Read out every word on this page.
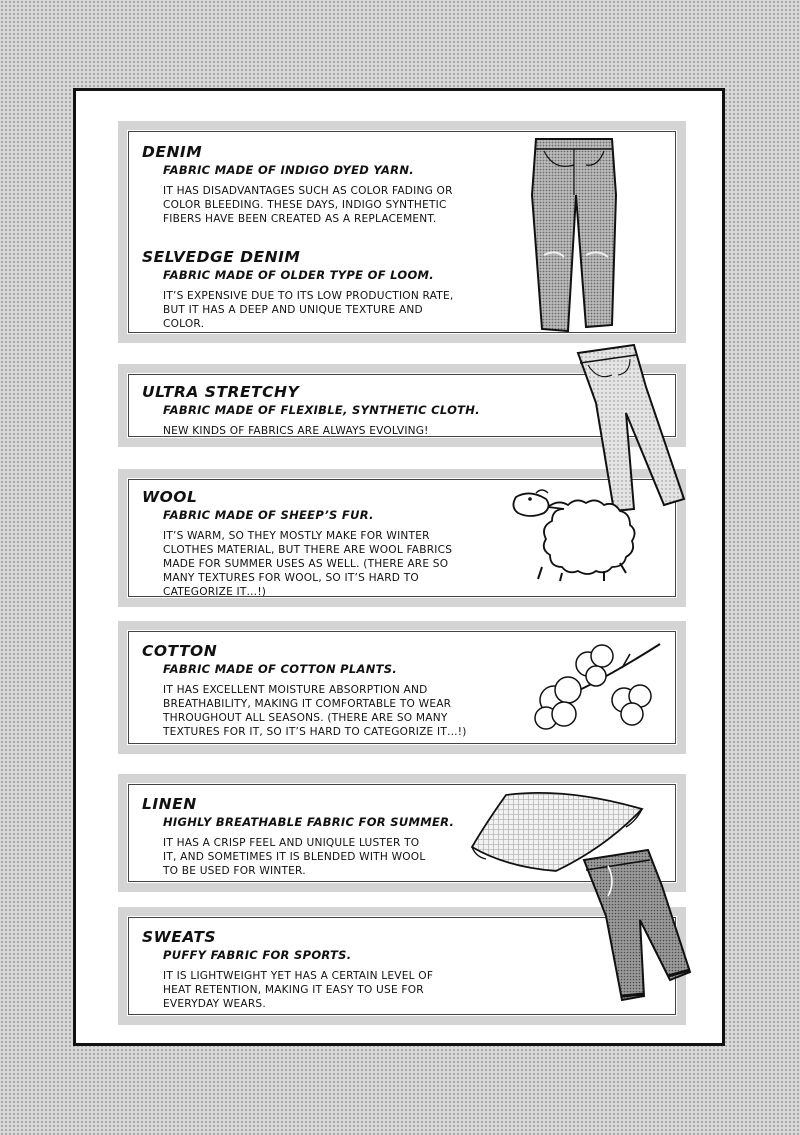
DENIM

FABRIC MADE OF INDIGO DYED YARN.

IT HAS DISADVANTAGES SUCH AS COLOR FADING OR
COLOR BLEEDING. THESE DAYS, INDIGO SYNTHETIC
FIBERS HAVE BEEN CREATED AS A REPLACEMENT.

SELVEDGE DENIM

FABRIC MADE OF OLDER TYPE OF LOOM.

IT’S EXPENSIVE DUE TO ITS LOW PRODUCTION RATE,
BUT IT HAS A DEEP AND UNIQUE TEXTURE AND
COLOR.

ULTRA STRETCHY

FABRIC MADE OF FLEXIBLE, SYNTHETIC CLOTH.

NEW KINDS OF FABRICS ARE ALWAYS EVOLVING!

WOOL

FABRIC MADE OF SHEEP’S FUR.

IT’S WARM, SO THEY MOSTLY MAKE FOR WINTER
CLOTHES MATERIAL, BUT THERE ARE WOOL FABRICS
MADE FOR SUMMER USES AS WELL. (THERE ARE SO
MANY TEXTURES FOR WOOL, SO IT’S HARD TO
CATEGORIZE IT…!)

COTTON

FABRIC MADE OF COTTON PLANTS.

IT HAS EXCELLENT MOISTURE ABSORPTION AND
BREATHABILITY, MAKING IT COMFORTABLE TO WEAR
THROUGHOUT ALL SEASONS. (THERE ARE SO MANY
TEXTURES FOR IT, SO IT’S HARD TO CATEGORIZE IT…!)

LINEN

HIGHLY BREATHABLE FABRIC FOR SUMMER.

IT HAS A CRISP FEEL AND UNIQULE LUSTER TO
IT, AND SOMETIMES IT IS BLENDED WITH WOOL
TO BE USED FOR WINTER.

SWEATS

PUFFY FABRIC FOR SPORTS.

IT IS LIGHTWEIGHT YET HAS A CERTAIN LEVEL OF
HEAT RETENTION, MAKING IT EASY TO USE FOR
EVERYDAY WEARS.
